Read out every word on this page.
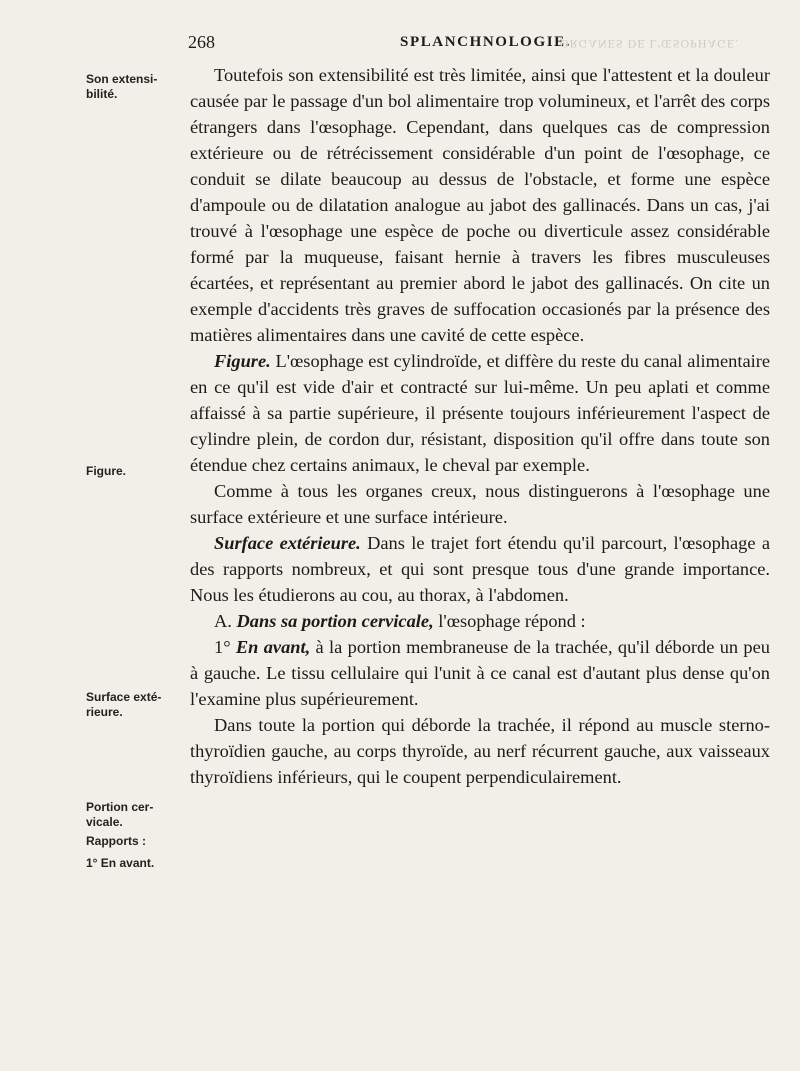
268	SPLANCHNOLOGIE.
ORGANES DE L'ŒSOPHAGE.
Son extensi-bilité.
Figure.
Surface exté-rieure.
Portion cer-vicale.
Rapports :
1° En avant.

Toutefois son extensibilité est très limitée, ainsi que l'attestent et la douleur causée par le passage d'un bol alimentaire trop volumineux, et l'arrêt des corps étrangers dans l'œsophage. Cependant, dans quelques cas de compression extérieure ou de rétrécissement considérable d'un point de l'œsophage, ce conduit se dilate beaucoup au dessus de l'obstacle, et forme une espèce d'ampoule ou de dilatation analogue au jabot des gallinacés. Dans un cas, j'ai trouvé à l'œsophage une espèce de poche ou diverticule assez considérable formé par la muqueuse, faisant hernie à travers les fibres musculeuses écartées, et représentant au premier abord le jabot des gallinacés. On cite un exemple d'accidents très graves de suffocation occasionés par la présence des matières alimentaires dans une cavité de cette espèce.

Figure. L'œsophage est cylindroïde, et diffère du reste du canal alimentaire en ce qu'il est vide d'air et contracté sur lui-même. Un peu aplati et comme affaissé à sa partie supérieure, il présente toujours inférieurement l'aspect de cylindre plein, de cordon dur, résistant, disposition qu'il offre dans toute son étendue chez certains animaux, le cheval par exemple.

Comme à tous les organes creux, nous distinguerons à l'œsophage une surface extérieure et une surface intérieure.

Surface extérieure. Dans le trajet fort étendu qu'il parcourt, l'œsophage a des rapports nombreux, et qui sont presque tous d'une grande importance. Nous les étudierons au cou, au thorax, à l'abdomen.

A. Dans sa portion cervicale, l'œsophage répond :

1° En avant, à la portion membraneuse de la trachée, qu'il déborde un peu à gauche. Le tissu cellulaire qui l'unit à ce canal est d'autant plus dense qu'on l'examine plus supérieurement.

Dans toute la portion qui déborde la trachée, il répond au muscle sterno-thyroïdien gauche, au corps thyroïde, au nerf récurrent gauche, aux vaisseaux thyroïdiens inférieurs, qui le coupent perpendiculairement.
